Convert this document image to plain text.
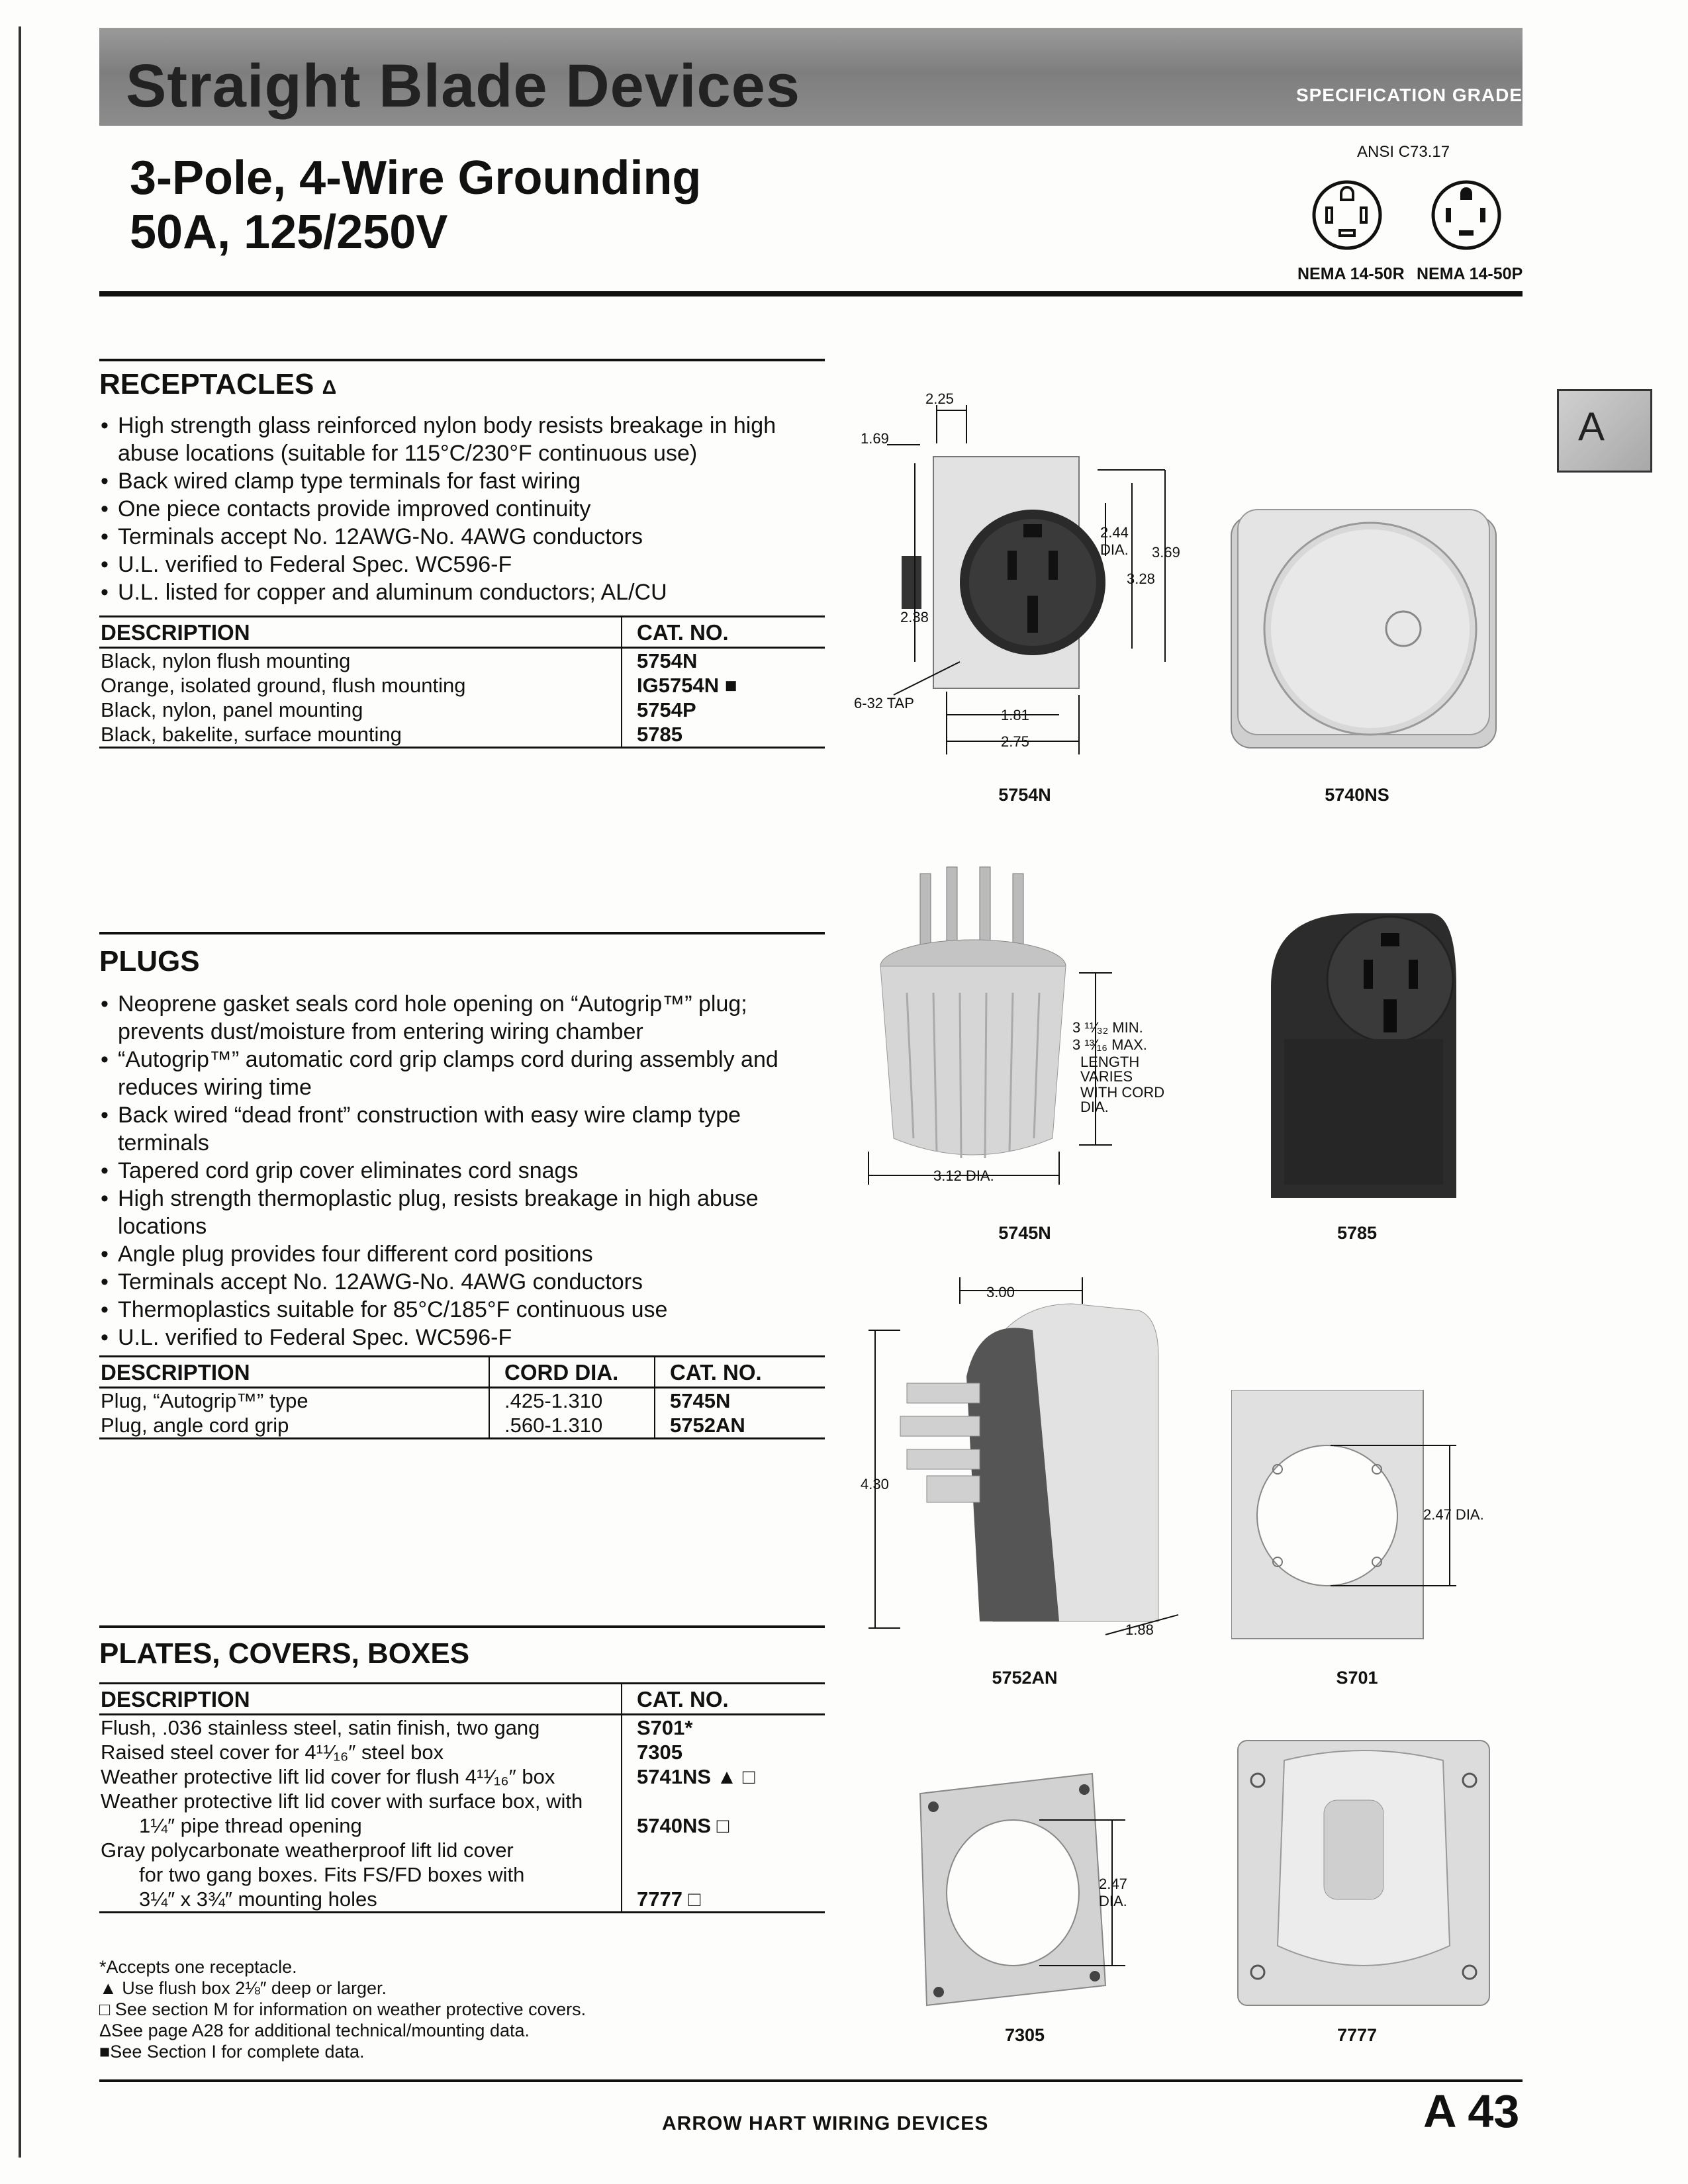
Straight Blade Devices	SPECIFICATION GRADE
3-Pole, 4-Wire Grounding
50A, 125/250V
ANSI C73.17
NEMA 14-50R NEMA 14-50P
A
RECEPTACLES Δ
• High strength glass reinforced nylon body resists breakage in high abuse locations (suitable for 115°C/230°F continuous use)
• Back wired clamp type terminals for fast wiring
• One piece contacts provide improved continuity
• Terminals accept No. 12AWG-No. 4AWG conductors
• U.L. verified to Federal Spec. WC596-F
• U.L. listed for copper and aluminum conductors; AL/CU
DESCRIPTION	CAT. NO.
Black, nylon flush mounting	5754N
Orange, isolated ground, flush mounting	IG5754N ■
Black, nylon, panel mounting	5754P
Black, bakelite, surface mounting	5785
PLUGS
• Neoprene gasket seals cord hole opening on “Autogrip™” plug; prevents dust/moisture from entering wiring chamber
• “Autogrip™” automatic cord grip clamps cord during assembly and reduces wiring time
• Back wired “dead front” construction with easy wire clamp type terminals
• Tapered cord grip cover eliminates cord snags
• High strength thermoplastic plug, resists breakage in high abuse locations
• Angle plug provides four different cord positions
• Terminals accept No. 12AWG-No. 4AWG conductors
• Thermoplastics suitable for 85°C/185°F continuous use
• U.L. verified to Federal Spec. WC596-F
DESCRIPTION	CORD DIA.	CAT. NO.
Plug, “Autogrip™” type	.425-1.310	5745N
Plug, angle cord grip	.560-1.310	5752AN
PLATES, COVERS, BOXES
DESCRIPTION	CAT. NO.
Flush, .036 stainless steel, satin finish, two gang	S701*
Raised steel cover for 4¹¹⁄₁₆″ steel box	7305
Weather protective lift lid cover for flush 4¹¹⁄₁₆″ box	5741NS ▲ □
Weather protective lift lid cover with surface box, with	
1¼″ pipe thread opening	5740NS □
Gray polycarbonate weatherproof lift lid cover	
for two gang boxes. Fits FS/FD boxes with	
3¼″ x 3¾″ mounting holes	7777 □
*Accepts one receptacle.
▲ Use flush box 2⅛″ deep or larger.
□ See section M for information on weather protective covers.
ΔSee page A28 for additional technical/mounting data.
■See Section I for complete data.
2.25
1.69
2.44
DIA. 3.69
3.28
2.38
6-32 TAP
1.81
2.75
5754N	5740NS
3 ¹¹⁄₃₂ MIN.
3 ¹³⁄₁₆ MAX.
LENGTH
VARIES
WITH CORD
DIA.
3.12 DIA.
5745N	5785
3.00
4.30
1.88
5752AN
2.47 DIA.
S701
2.47
DIA.
7305	7777
ARROW HART WIRING DEVICES	A 43
